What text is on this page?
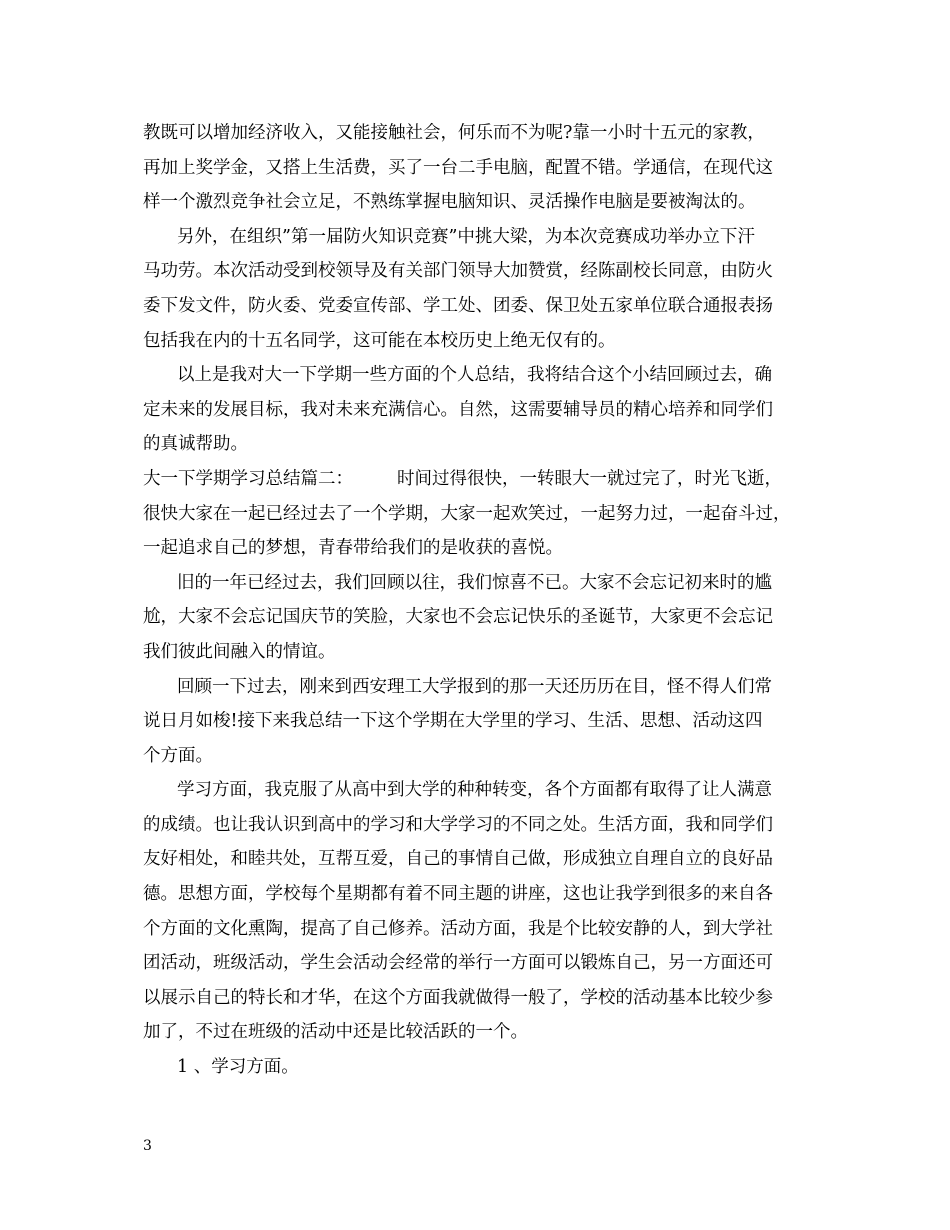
教既可以增加经济收入，又能接触社会，何乐而不为呢?靠一小时十五元的家教，
再加上奖学金，又搭上生活费，买了一台二手电脑，配置不错。学通信，在现代这
样一个激烈竞争社会立足，不熟练掌握电脑知识、灵活操作电脑是要被淘汰的。
另外，在组织”第一届防火知识竞赛”中挑大梁，为本次竞赛成功举办立下汗
马功劳。本次活动受到校领导及有关部门领导大加赞赏，经陈副校长同意，由防火
委下发文件，防火委、党委宣传部、学工处、团委、保卫处五家单位联合通报表扬
包括我在内的十五名同学，这可能在本校历史上绝无仅有的。
以上是我对大一下学期一些方面的个人总结，我将结合这个小结回顾过去，确
定未来的发展目标，我对未来充满信心。自然，这需要辅导员的精心培养和同学们
的真诚帮助。
大一下学期学习总结篇二：	时间过得很快，一转眼大一就过完了，时光飞逝，
很快大家在一起已经过去了一个学期，大家一起欢笑过，一起努力过，一起奋斗过，
一起追求自己的梦想，青春带给我们的是收获的喜悦。
旧的一年已经过去，我们回顾以往，我们惊喜不已。大家不会忘记初来时的尴
尬，大家不会忘记国庆节的笑脸，大家也不会忘记快乐的圣诞节，大家更不会忘记
我们彼此间融入的情谊。
回顾一下过去，刚来到西安理工大学报到的那一天还历历在目，怪不得人们常
说日月如梭!接下来我总结一下这个学期在大学里的学习、生活、思想、活动这四
个方面。
学习方面，我克服了从高中到大学的种种转变，各个方面都有取得了让人满意
的成绩。也让我认识到高中的学习和大学学习的不同之处。生活方面，我和同学们
友好相处，和睦共处，互帮互爱，自己的事情自己做，形成独立自理自立的良好品
德。思想方面，学校每个星期都有着不同主题的讲座，这也让我学到很多的来自各
个方面的文化熏陶，提高了自己修养。活动方面，我是个比较安静的人，到大学社
团活动，班级活动，学生会活动会经常的举行一方面可以锻炼自己，另一方面还可
以展示自己的特长和才华，在这个方面我就做得一般了，学校的活动基本比较少参
加了，不过在班级的活动中还是比较活跃的一个。
1 、学习方面。
3
